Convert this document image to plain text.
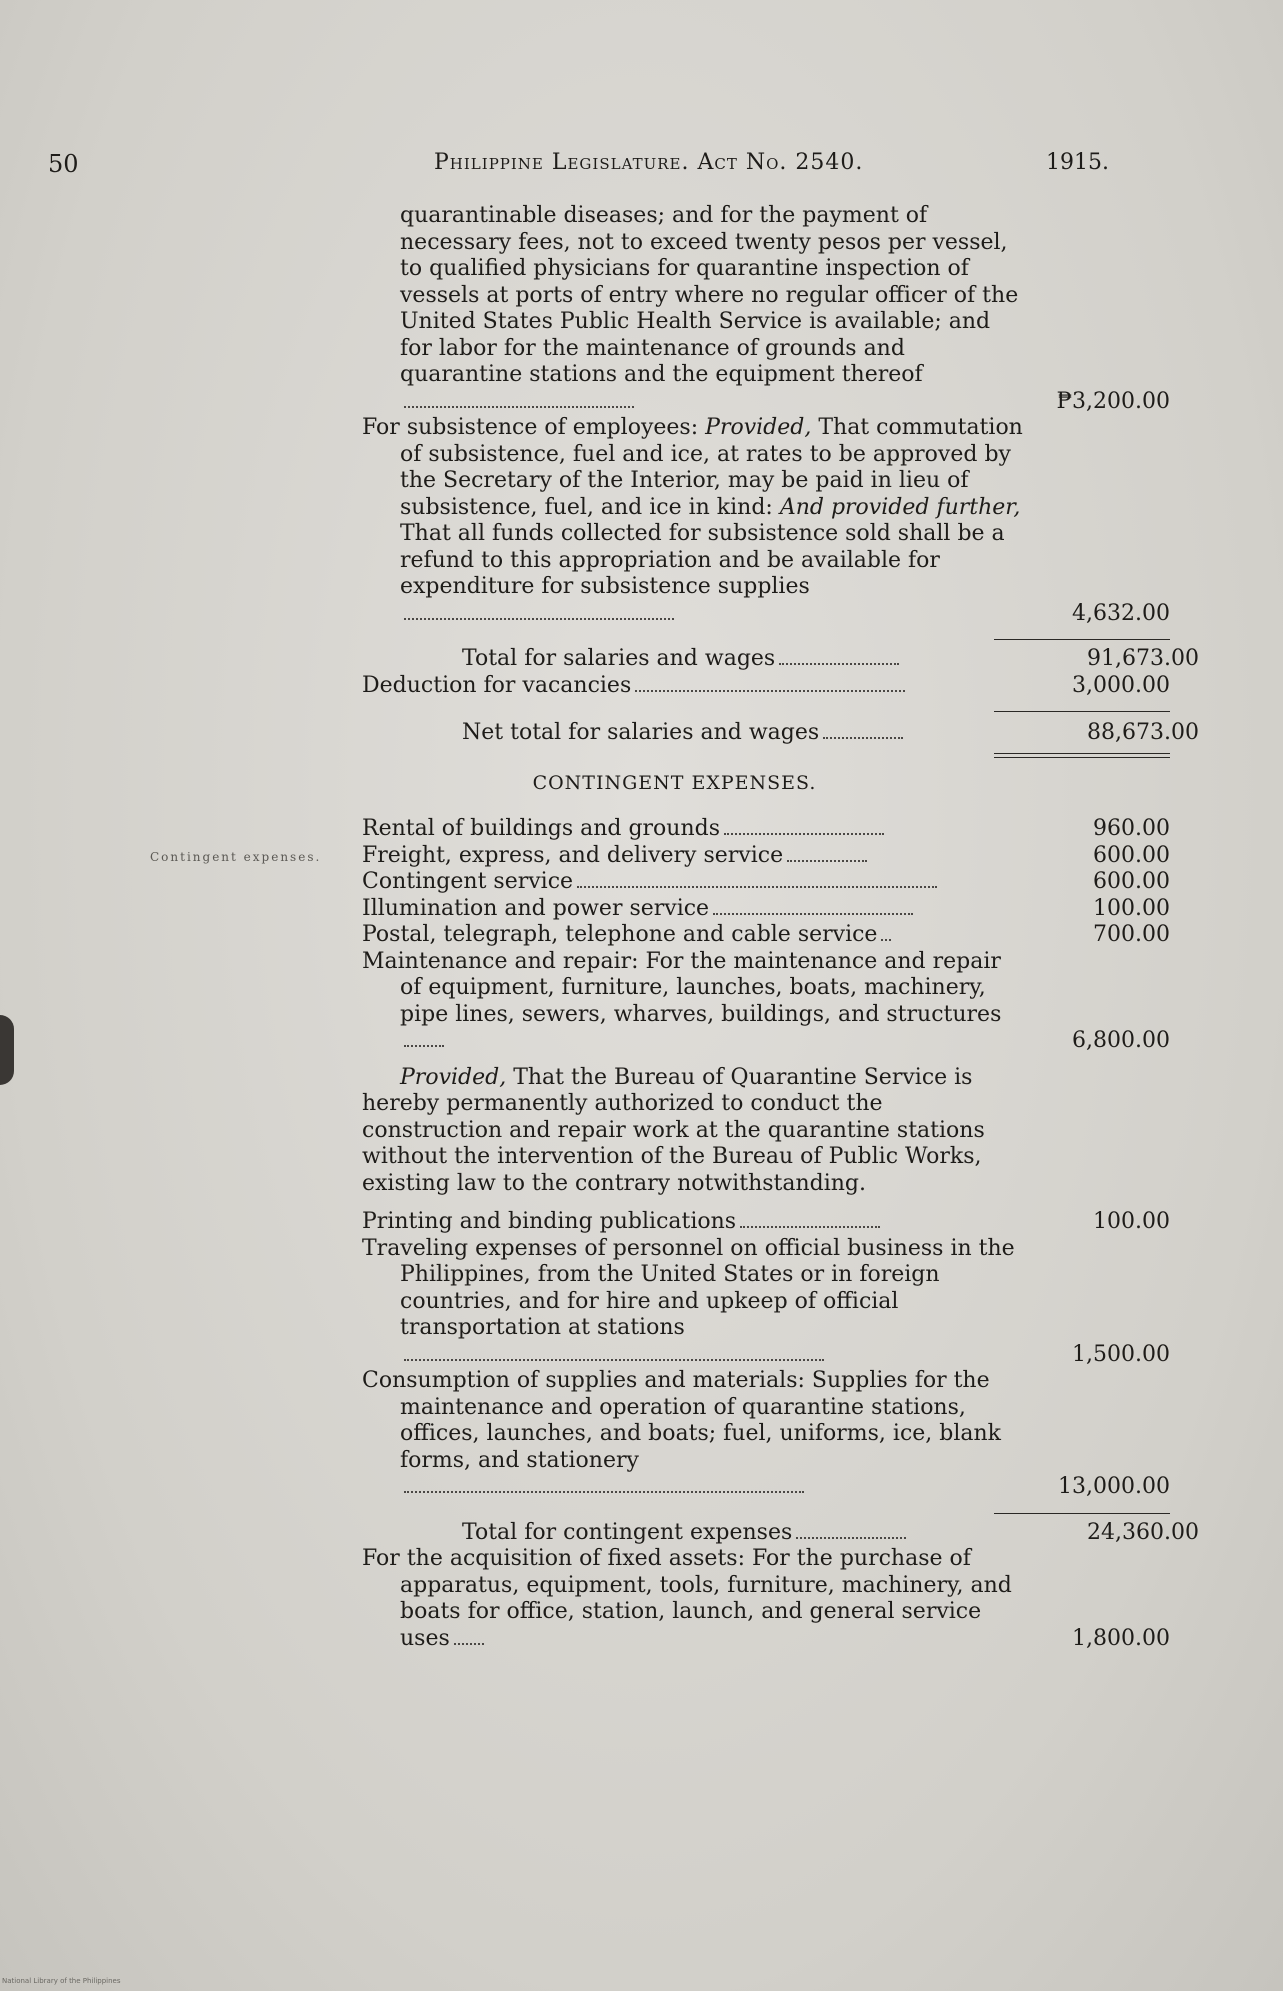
50	Philippine Legislature. Act No. 2540.	1915.
Contingent expenses.
quarantinable diseases; and for the payment of necessary fees, not to exceed twenty pesos per vessel, to qualified physicians for quarantine inspection of vessels at ports of entry where no regular officer of the United States Public Health Service is available; and for labor for the maintenance of grounds and quarantine stations and the equipment thereof
₱3,200.00
For subsistence of employees: Provided, That commutation of subsistence, fuel and ice, at rates to be approved by the Secretary of the Interior, may be paid in lieu of subsistence, fuel, and ice in kind: And provided further, That all funds collected for subsistence sold shall be a refund to this appropriation and be available for expenditure for subsistence supplies
4,632.00
Total for salaries and wages	91,673.00
Deduction for vacancies	3,000.00
Net total for salaries and wages	88,673.00
CONTINGENT EXPENSES.
Rental of buildings and grounds	960.00
Freight, express, and delivery service	600.00
Contingent service	600.00
Illumination and power service	100.00
Postal, telegraph, telephone and cable service	700.00
Maintenance and repair: For the maintenance and repair of equipment, furniture, launches, boats, machinery, pipe lines, sewers, wharves, buildings, and structures
6,800.00

Provided, That the Bureau of Quarantine Service is hereby permanently authorized to conduct the construction and repair work at the quarantine stations without the intervention of the Bureau of Public Works, existing law to the contrary notwithstanding.

Printing and binding publications	100.00
Traveling expenses of personnel on official business in the Philippines, from the United States or in foreign countries, and for hire and upkeep of official transportation at stations
1,500.00
Consumption of supplies and materials: Supplies for the maintenance and operation of quarantine stations, offices, launches, and boats; fuel, uniforms, ice, blank forms, and stationery
13,000.00
Total for contingent expenses	24,360.00
For the acquisition of fixed assets: For the purchase of apparatus, equipment, tools, furniture, machinery, and boats for office, station, launch, and general service uses	1,800.00
National Library of the Philippines
